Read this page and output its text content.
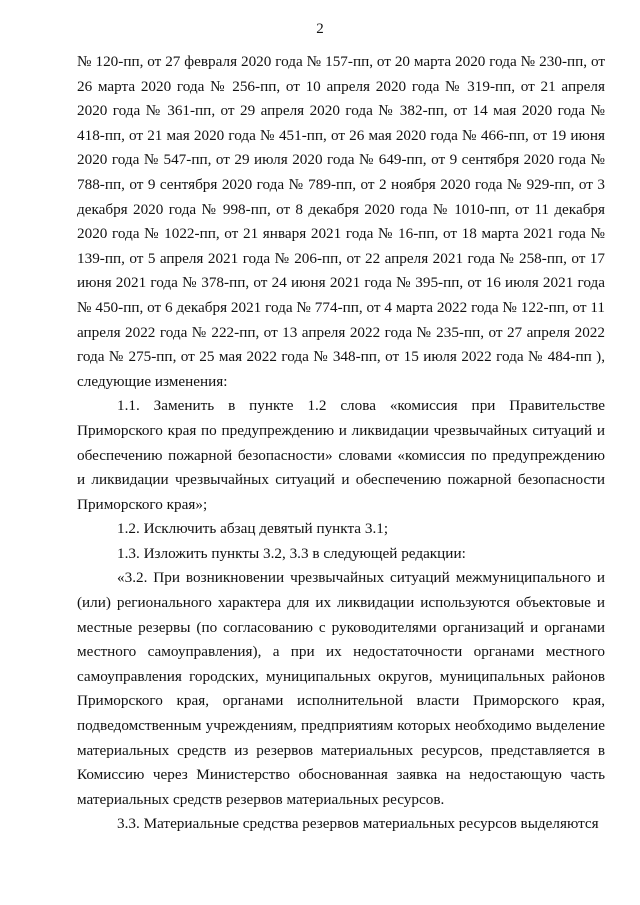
2

№ 120-пп, от 27 февраля 2020 года № 157-пп, от 20 марта 2020 года № 230-пп, от 26 марта 2020 года № 256-пп, от 10 апреля 2020 года № 319-пп, от 21 апреля 2020 года № 361-пп, от 29 апреля 2020 года № 382-пп, от 14 мая 2020 года № 418-пп, от 21 мая 2020 года № 451-пп, от 26 мая 2020 года № 466-пп, от 19 июня 2020 года № 547-пп, от 29 июля 2020 года № 649-пп, от 9 сентября 2020 года № 788-пп, от 9 сентября 2020 года № 789-пп, от 2 ноября 2020 года № 929-пп, от 3 декабря 2020 года № 998-пп, от 8 декабря 2020 года № 1010-пп, от 11 декабря 2020 года № 1022-пп, от 21 января 2021 года № 16-пп, от 18 марта 2021 года № 139-пп, от 5 апреля 2021 года № 206-пп, от 22 апреля 2021 года № 258-пп, от 17 июня 2021 года № 378-пп, от 24 июня 2021 года № 395-пп, от 16 июля 2021 года № 450-пп, от 6 декабря 2021 года № 774-пп, от 4 марта 2022 года № 122-пп, от 11 апреля 2022 года № 222-пп, от 13 апреля 2022 года № 235-пп, от 27 апреля 2022 года № 275-пп, от 25 мая 2022 года № 348-пп, от 15 июля 2022 года № 484-пп ), следующие изменения:

1.1. Заменить в пункте 1.2 слова «комиссия при Правительстве Приморского края по предупреждению и ликвидации чрезвычайных ситуаций и обеспечению пожарной безопасности» словами «комиссия по предупреждению и ликвидации чрезвычайных ситуаций и обеспечению пожарной безопасности Приморского края»;

1.2. Исключить абзац девятый пункта 3.1;

1.3. Изложить пункты 3.2, 3.3 в следующей редакции:

«3.2. При возникновении чрезвычайных ситуаций межмуниципального и (или) регионального характера для их ликвидации используются объектовые и местные резервы (по согласованию с руководителями организаций и органами местного самоуправления), а при их недостаточности органами местного самоуправления городских, муниципальных округов, муниципальных районов Приморского края, органами исполнительной власти Приморского края, подведомственным учреждениям, предприятиям которых необходимо выделение материальных средств из резервов материальных ресурсов, представляется в Комиссию через Министерство обоснованная заявка на недостающую часть материальных средств резервов материальных ресурсов.

3.3. Материальные средства резервов материальных ресурсов выделяются
